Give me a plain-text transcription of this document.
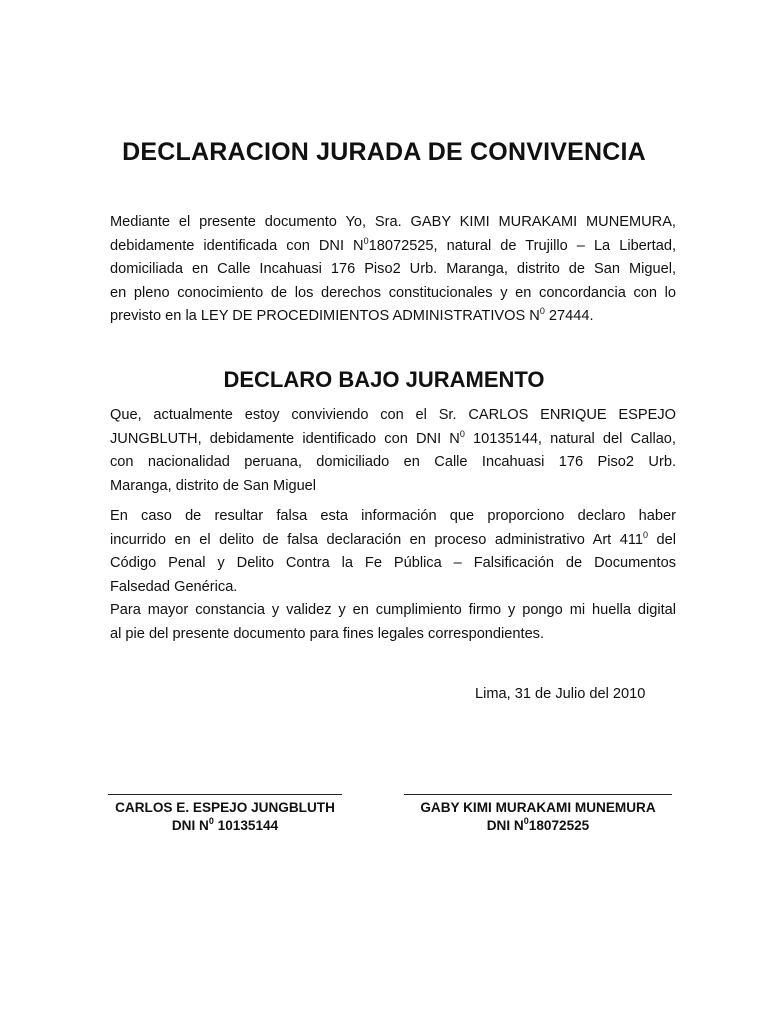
DECLARACION JURADA DE CONVIVENCIA

Mediante el presente documento Yo, Sra. GABY KIMI MURAKAMI MUNEMURA,
debidamente identificada con DNI $N^018072525$, natural de Trujillo – La Libertad,
domiciliada en Calle Incahuasi 176 Piso2 Urb. Maranga, distrito de San Miguel,
en pleno conocimiento de los derechos constitucionales y en concordancia con lo
previsto en la LEY DE PROCEDIMIENTOS ADMINISTRATIVOS $N^0$ 27444.

DECLARO BAJO JURAMENTO

Que, actualmente estoy conviviendo con el Sr. CARLOS ENRIQUE ESPEJO
JUNGBLUTH, debidamente identificado con DNI $N^0$ 10135144, natural del Callao,
con nacionalidad peruana, domiciliado en Calle Incahuasi 176 Piso2 Urb.
Maranga, distrito de San Miguel

En caso de resultar falsa esta información que proporciono declaro haber
incurrido en el delito de falsa declaración en proceso administrativo Art $411^0$ del
Código Penal y Delito Contra la Fe Pública – Falsificación de Documentos
Falsedad Genérica.

Para mayor constancia y validez y en cumplimiento firmo y pongo mi huella digital
al pie del presente documento para fines legales correspondientes.

Lima, 31 de Julio del 2010

CARLOS E. ESPEJO JUNGBLUTH
DNI $N^0$ 10135144
GABY KIMI MURAKAMI MUNEMURA
DNI $N^018072525$
